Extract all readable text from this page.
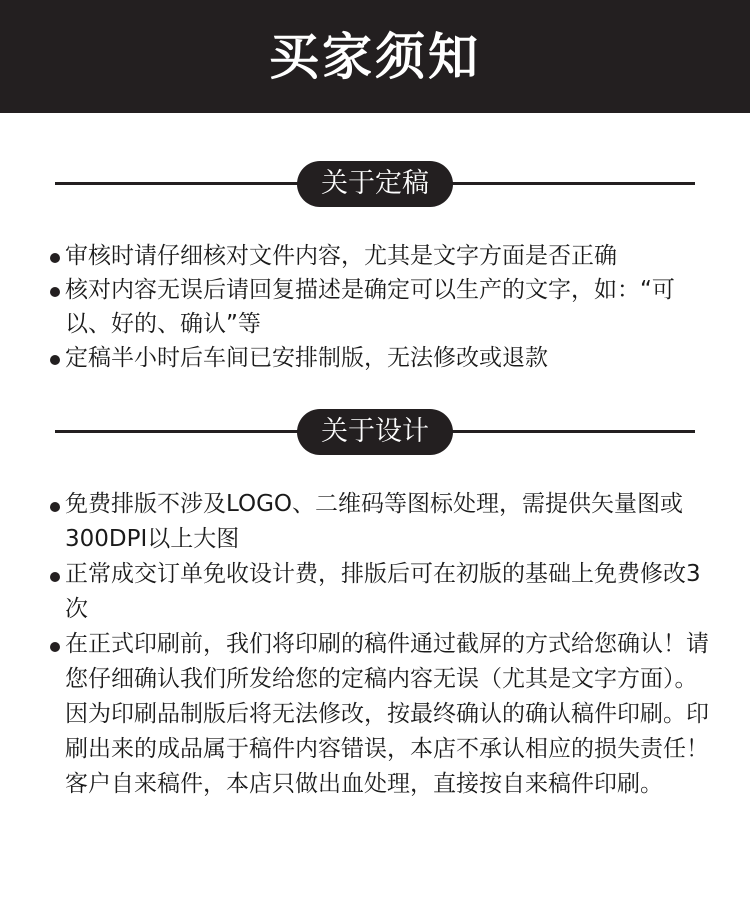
买家须知
关于定稿
审核时请仔细核对文件内容，尤其是文字方面是否正确
核对内容无误后请回复描述是确定可以生产的文字，如：“可以、好的、确认”等
定稿半小时后车间已安排制版，无法修改或退款
关于设计
免费排版不涉及LOGO、二维码等图标处理，需提供矢量图或300DPI以上大图
正常成交订单免收设计费，排版后可在初版的基础上免费修改3次
在正式印刷前，我们将印刷的稿件通过截屏的方式给您确认！请您仔细确认我们所发给您的定稿内容无误（尤其是文字方面）。因为印刷品制版后将无法修改，按最终确认的确认稿件印刷。印刷出来的成品属于稿件内容错误，本店不承认相应的损失责任！客户自来稿件，本店只做出血处理，直接按自来稿件印刷。
